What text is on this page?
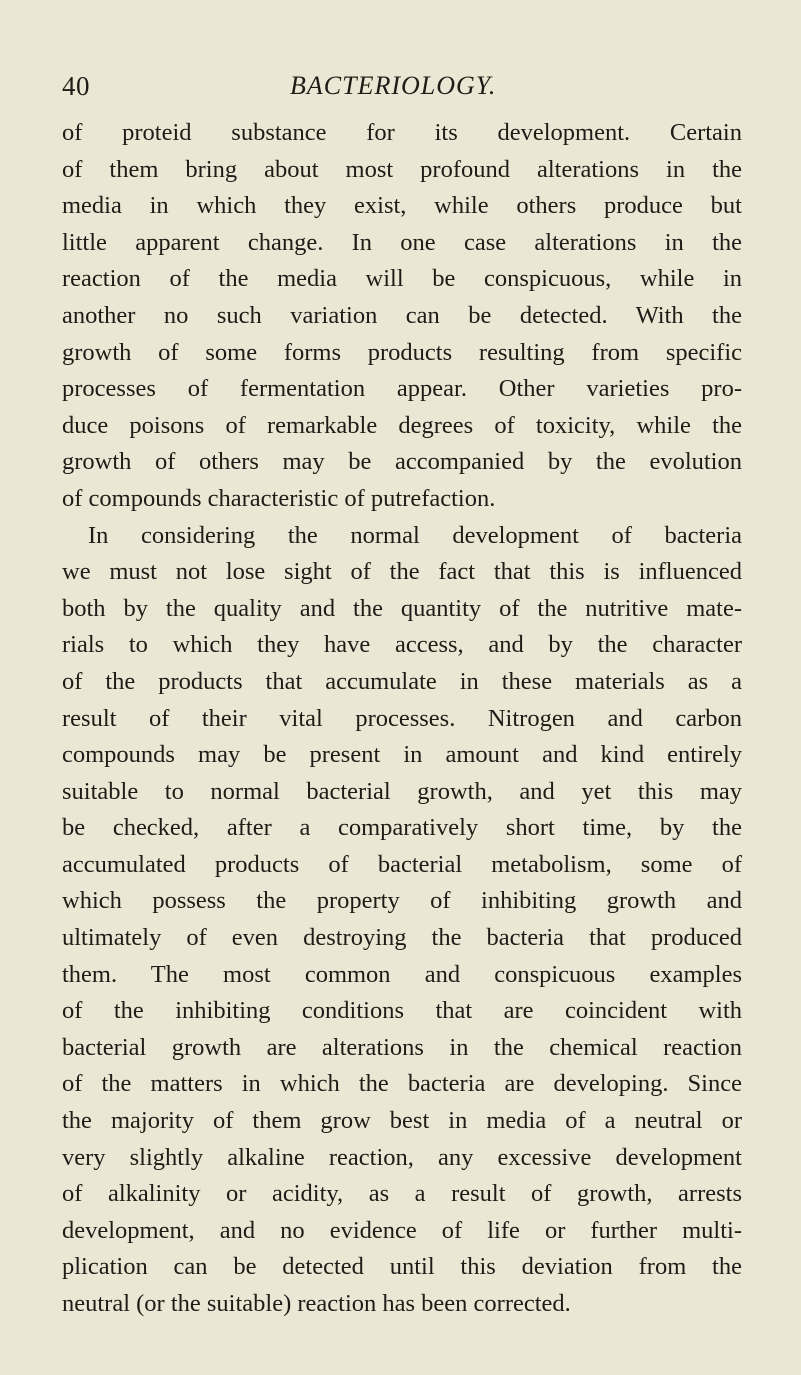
40	BACTERIOLOGY.
of proteid substance for its development. Certain
of them bring about most profound alterations in the
media in which they exist, while others produce but
little apparent change. In one case alterations in the
reaction of the media will be conspicuous, while in
another no such variation can be detected. With the
growth of some forms products resulting from specific
processes of fermentation appear. Other varieties pro-
duce poisons of remarkable degrees of toxicity, while the
growth of others may be accompanied by the evolution
of compounds characteristic of putrefaction.
In considering the normal development of bacteria
we must not lose sight of the fact that this is influenced
both by the quality and the quantity of the nutritive mate-
rials to which they have access, and by the character
of the products that accumulate in these materials as a
result of their vital processes. Nitrogen and carbon
compounds may be present in amount and kind entirely
suitable to normal bacterial growth, and yet this may
be checked, after a comparatively short time, by the
accumulated products of bacterial metabolism, some of
which possess the property of inhibiting growth and
ultimately of even destroying the bacteria that produced
them. The most common and conspicuous examples
of the inhibiting conditions that are coincident with
bacterial growth are alterations in the chemical reaction
of the matters in which the bacteria are developing. Since
the majority of them grow best in media of a neutral or
very slightly alkaline reaction, any excessive development
of alkalinity or acidity, as a result of growth, arrests
development, and no evidence of life or further multi-
plication can be detected until this deviation from the
neutral (or the suitable) reaction has been corrected.
